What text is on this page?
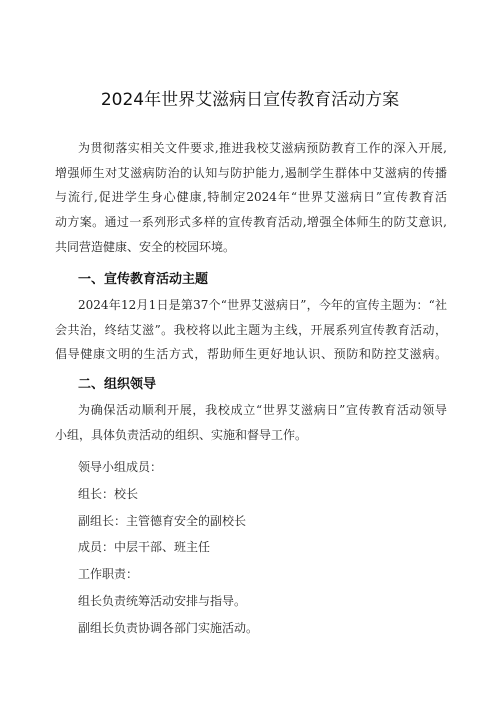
2024年世界艾滋病日宣传教育活动方案
为贯彻落实相关文件要求,推进我校艾滋病预防教育工作的深入开展,
增强师生对艾滋病防治的认知与防护能力,遏制学生群体中艾滋病的传播
与流行,促进学生身心健康,特制定2024年“世界艾滋病日”宣传教育活
动方案。通过一系列形式多样的宣传教育活动,增强全体师生的防艾意识,
共同营造健康、安全的校园环境。
一、宣传教育活动主题
2024年12月1日是第37个“世界艾滋病日”，今年的宣传主题为：“社
会共治，终结艾滋”。我校将以此主题为主线，开展系列宣传教育活动，
倡导健康文明的生活方式，帮助师生更好地认识、预防和防控艾滋病。
二、组织领导
为确保活动顺利开展，我校成立“世界艾滋病日”宣传教育活动领导
小组，具体负责活动的组织、实施和督导工作。
领导小组成员：
组长：校长
副组长：主管德育安全的副校长
成员：中层干部、班主任
工作职责：
组长负责统筹活动安排与指导。
副组长负责协调各部门实施活动。
